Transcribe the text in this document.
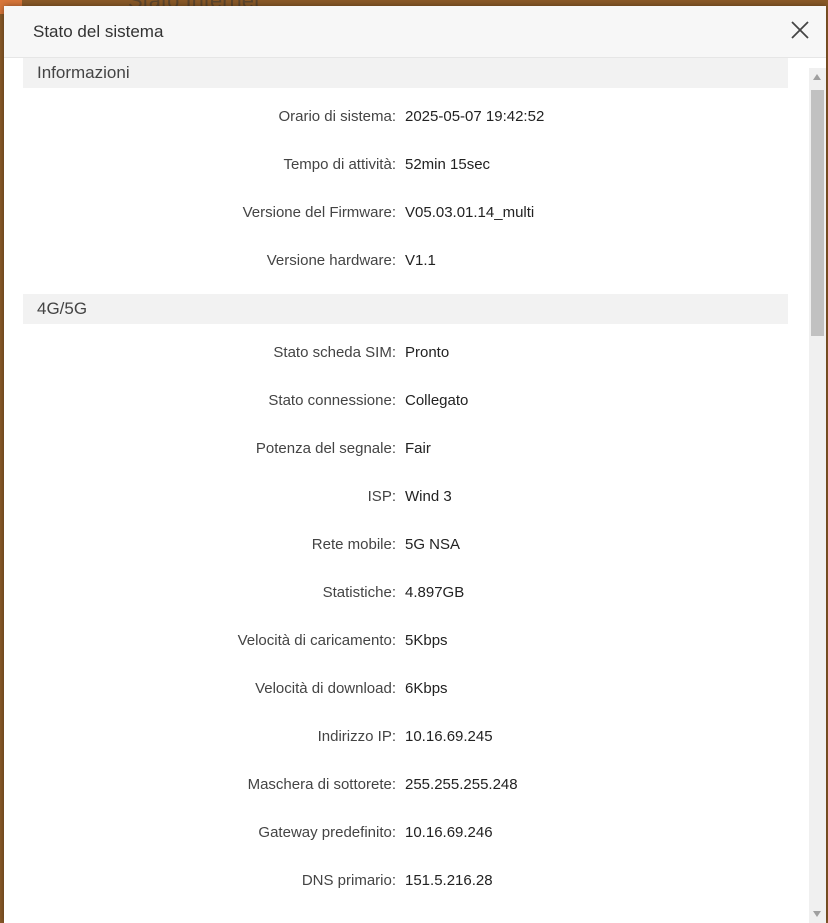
Stato del sistema
Informazioni
Orario di sistema: 2025-05-07 19:42:52
Tempo di attività: 52min 15sec
Versione del Firmware: V05.03.01.14_multi
Versione hardware: V1.1
4G/5G
Stato scheda SIM: Pronto
Stato connessione: Collegato
Potenza del segnale: Fair
ISP: Wind 3
Rete mobile: 5G NSA
Statistiche: 4.897GB
Velocità di caricamento: 5Kbps
Velocità di download: 6Kbps
Indirizzo IP: 10.16.69.245
Maschera di sottorete: 255.255.255.248
Gateway predefinito: 10.16.69.246
DNS primario: 151.5.216.28
